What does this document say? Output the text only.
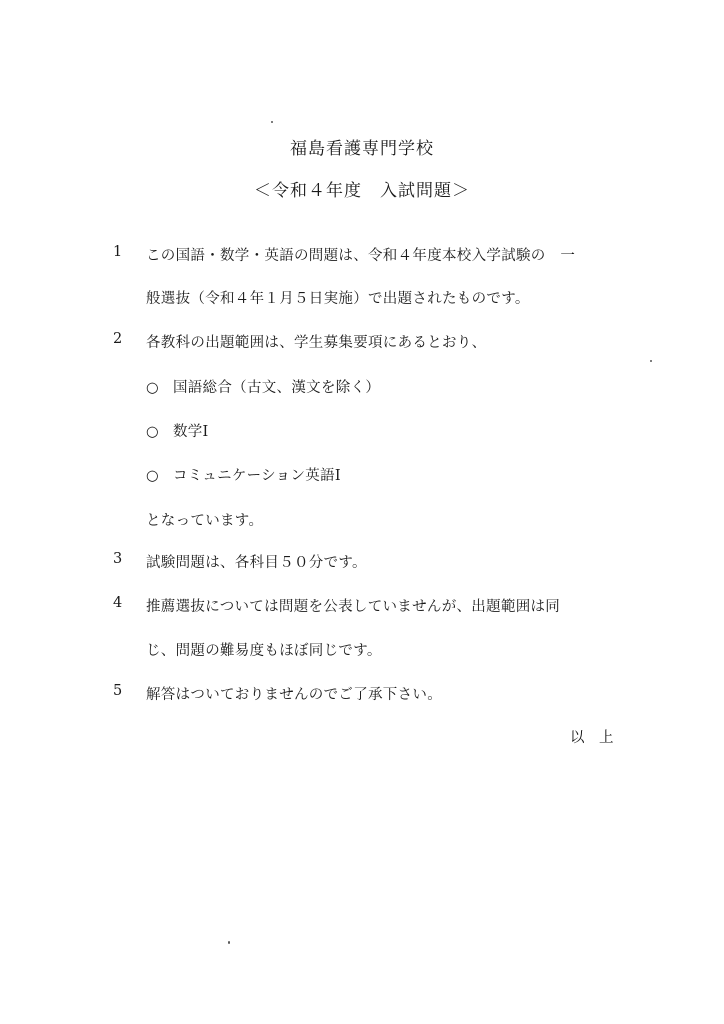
福島看護専門学校
＜令和４年度　入試問題＞
1 この国語・数学・英語の問題は、令和４年度本校入学試験の　一
般選抜（令和４年１月５日実施）で出題されたものです。
2 各教科の出題範囲は、学生募集要項にあるとおり、
○ 国語総合（古文、漢文を除く）
○ 数学Ⅰ
○ コミュニケーション英語Ⅰ
となっています。
3 試験問題は、各科目５０分です。
4 推薦選抜については問題を公表していませんが、出題範囲は同
じ、問題の難易度もほぼ同じです。
5 解答はついておりませんのでご了承下さい。
以　上
